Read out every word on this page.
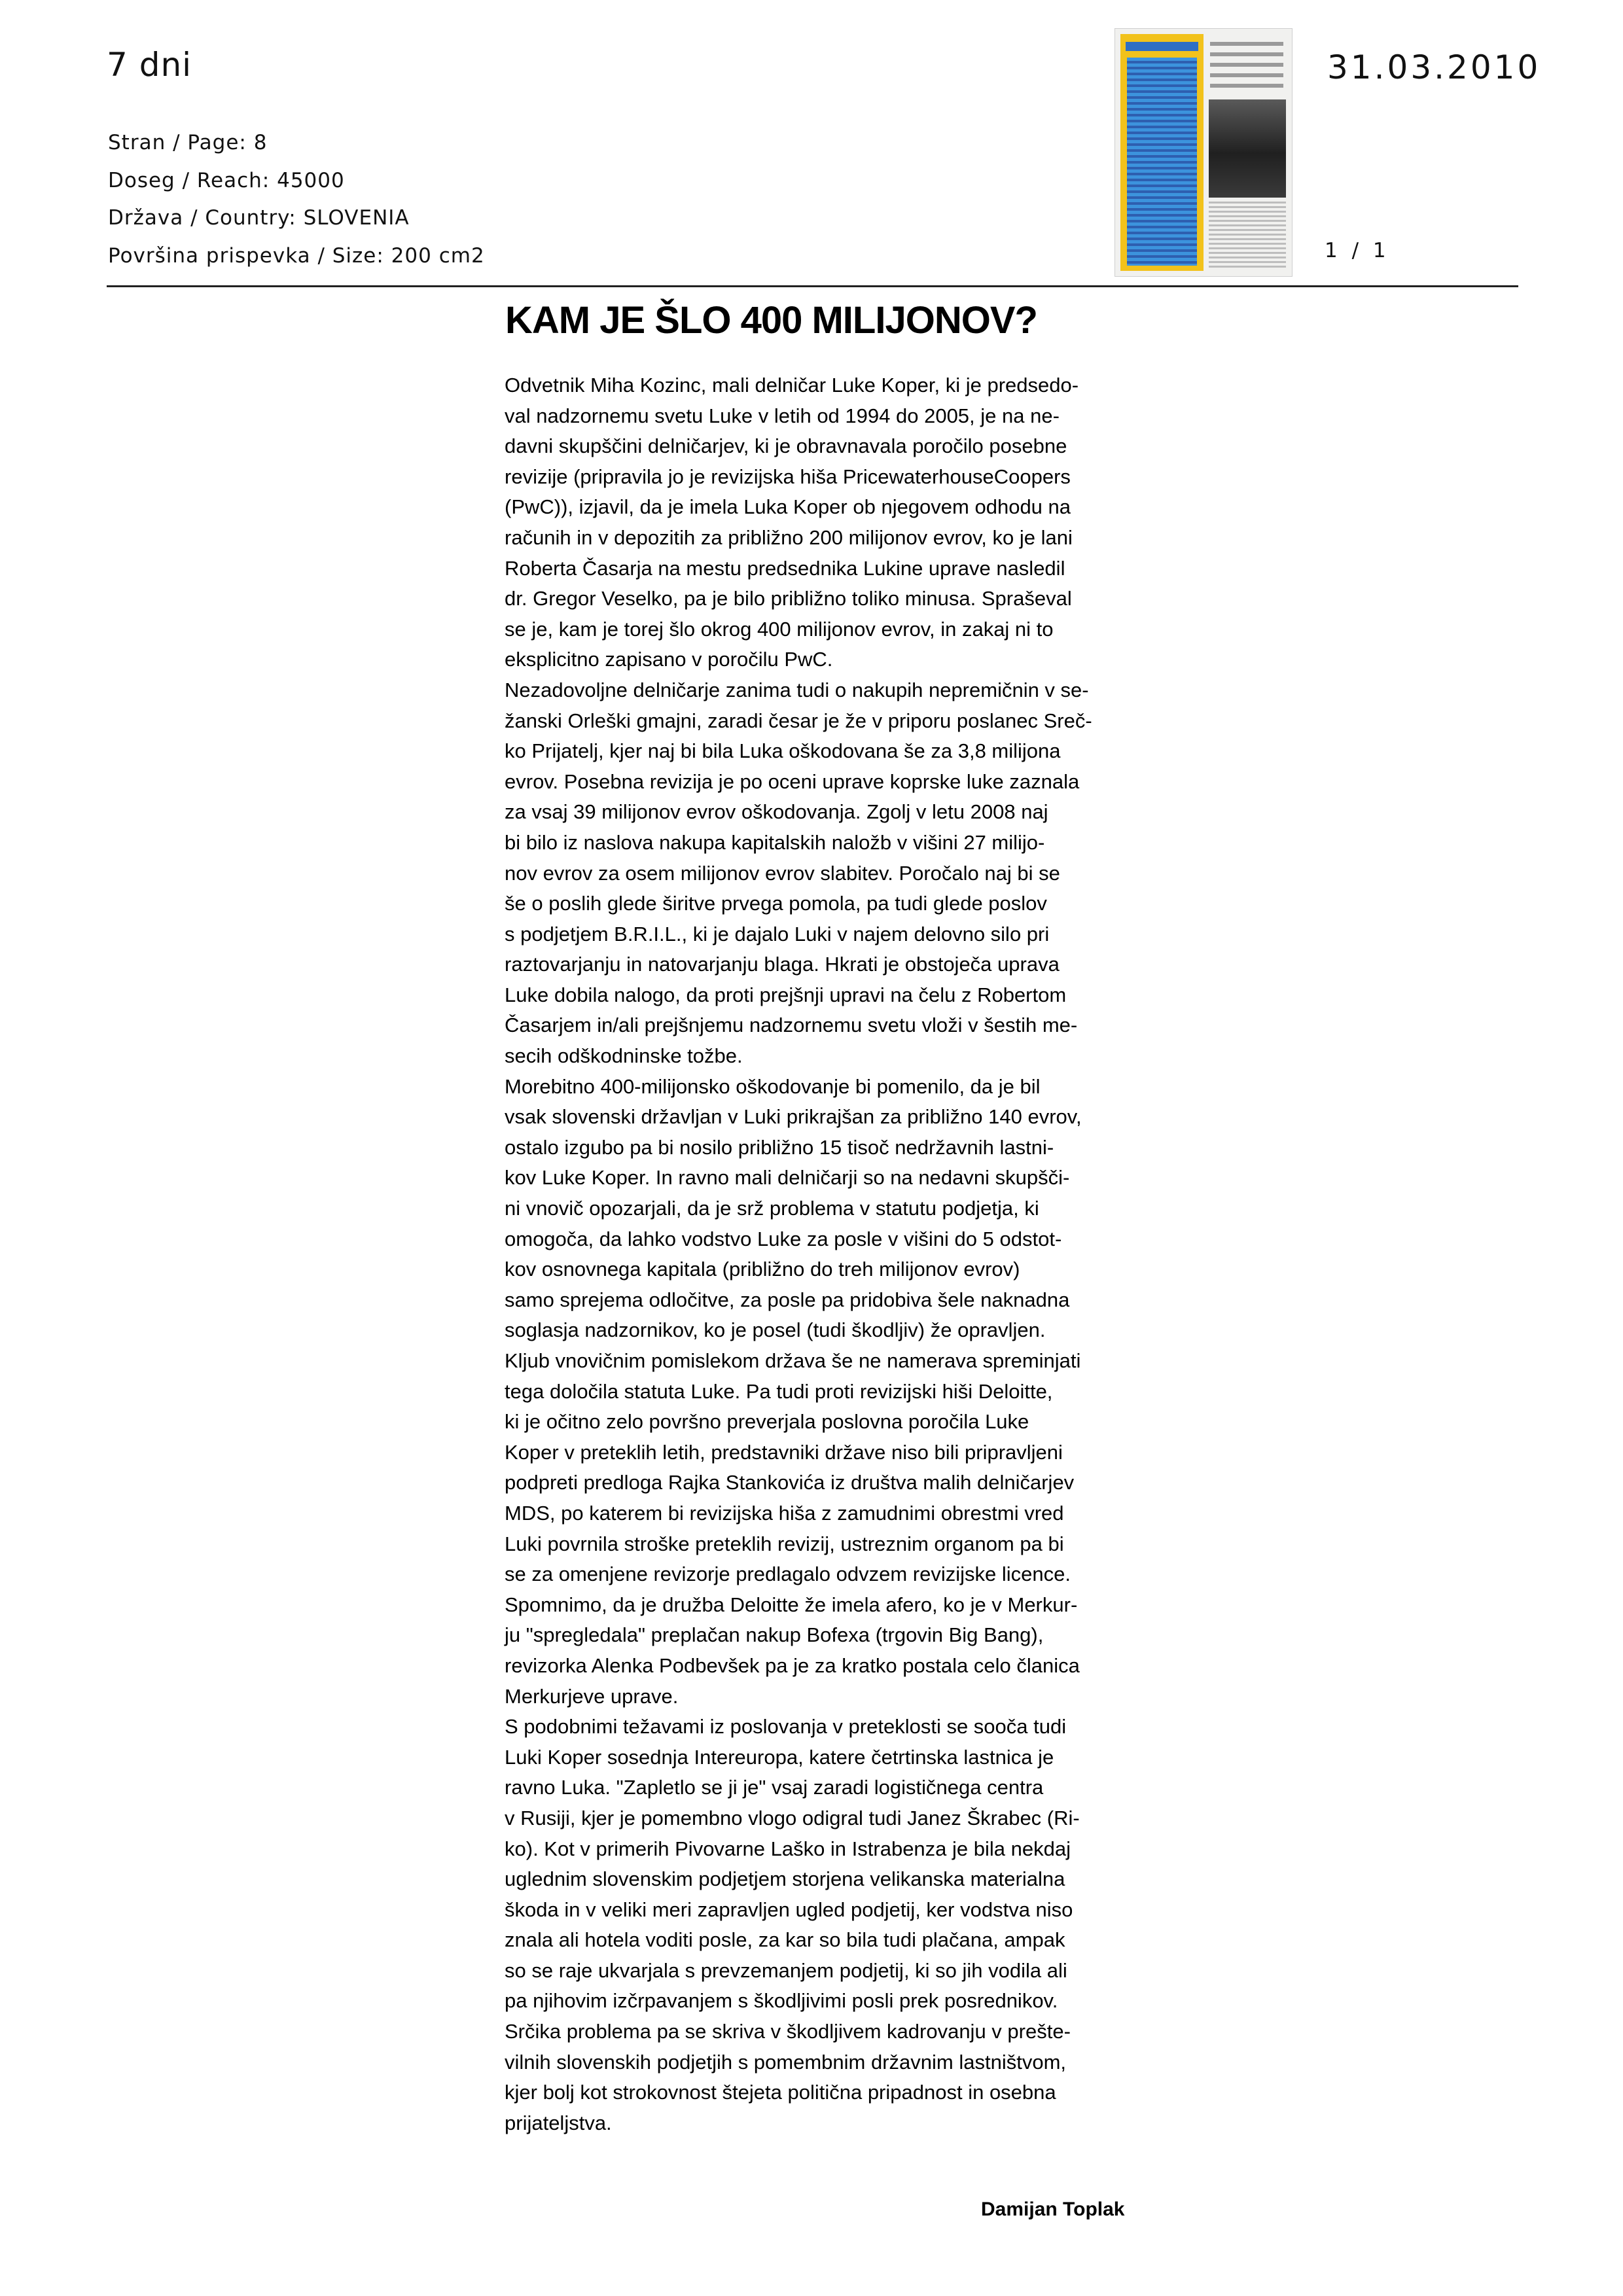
7 dni
Stran / Page: 8
Doseg / Reach: 45000
Država / Country: SLOVENIA
Površina prispevka / Size: 200 cm2
31.03.2010
1 / 1
KAM JE ŠLO 400 MILIJONOV?

Odvetnik Miha Kozinc, mali delničar Luke Koper, ki je predsedo-
val nadzornemu svetu Luke v letih od 1994 do 2005, je na ne-
davni skupščini delničarjev, ki je obravnavala poročilo posebne
revizije (pripravila jo je revizijska hiša PricewaterhouseCoopers
(PwC)), izjavil, da je imela Luka Koper ob njegovem odhodu na
računih in v depozitih za približno 200 milijonov evrov, ko je lani
Roberta Časarja na mestu predsednika Lukine uprave nasledil
dr. Gregor Veselko, pa je bilo približno toliko minusa. Spraševal
se je, kam je torej šlo okrog 400 milijonov evrov, in zakaj ni to
eksplicitno zapisano v poročilu PwC.

Nezadovoljne delničarje zanima tudi o nakupih nepremičnin v se-
žanski Orleški gmajni, zaradi česar je že v priporu poslanec Sreč-
ko Prijatelj, kjer naj bi bila Luka oškodovana še za 3,8 milijona
evrov. Posebna revizija je po oceni uprave koprske luke zaznala
za vsaj 39 milijonov evrov oškodovanja. Zgolj v letu 2008 naj
bi bilo iz naslova nakupa kapitalskih naložb v višini 27 milijo-
nov evrov za osem milijonov evrov slabitev. Poročalo naj bi se
še o poslih glede širitve prvega pomola, pa tudi glede poslov
s podjetjem B.R.I.L., ki je dajalo Luki v najem delovno silo pri
raztovarjanju in natovarjanju blaga. Hkrati je obstoječa uprava
Luke dobila nalogo, da proti prejšnji upravi na čelu z Robertom
Časarjem in/ali prejšnjemu nadzornemu svetu vloži v šestih me-
secih odškodninske tožbe.

Morebitno 400-milijonsko oškodovanje bi pomenilo, da je bil
vsak slovenski državljan v Luki prikrajšan za približno 140 evrov,
ostalo izgubo pa bi nosilo približno 15 tisoč nedržavnih lastni-
kov Luke Koper. In ravno mali delničarji so na nedavni skupšči-
ni vnovič opozarjali, da je srž problema v statutu podjetja, ki
omogoča, da lahko vodstvo Luke za posle v višini do 5 odstot-
kov osnovnega kapitala (približno do treh milijonov evrov)
samo sprejema odločitve, za posle pa pridobiva šele naknadna
soglasja nadzornikov, ko je posel (tudi škodljiv) že opravljen.
Kljub vnovičnim pomislekom država še ne namerava spreminjati
tega določila statuta Luke. Pa tudi proti revizijski hiši Deloitte,
ki je očitno zelo površno preverjala poslovna poročila Luke
Koper v preteklih letih, predstavniki države niso bili pripravljeni
podpreti predloga Rajka Stankovića iz društva malih delničarjev
MDS, po katerem bi revizijska hiša z zamudnimi obrestmi vred
Luki povrnila stroške preteklih revizij, ustreznim organom pa bi
se za omenjene revizorje predlagalo odvzem revizijske licence.
Spomnimo, da je družba Deloitte že imela afero, ko je v Merkur-
ju "spregledala" preplačan nakup Bofexa (trgovin Big Bang),
revizorka Alenka Podbevšek pa je za kratko postala celo članica
Merkurjeve uprave.

S podobnimi težavami iz poslovanja v preteklosti se sooča tudi
Luki Koper sosednja Intereuropa, katere četrtinska lastnica je
ravno Luka. "Zapletlo se ji je" vsaj zaradi logističnega centra
v Rusiji, kjer je pomembno vlogo odigral tudi Janez Škrabec (Ri-
ko). Kot v primerih Pivovarne Laško in Istrabenza je bila nekdaj
uglednim slovenskim podjetjem storjena velikanska materialna
škoda in v veliki meri zapravljen ugled podjetij, ker vodstva niso
znala ali hotela voditi posle, za kar so bila tudi plačana, ampak
so se raje ukvarjala s prevzemanjem podjetij, ki so jih vodila ali
pa njihovim izčrpavanjem s škodljivimi posli prek posrednikov.
Srčika problema pa se skriva v škodljivem kadrovanju v prešte-
vilnih slovenskih podjetjih s pomembnim državnim lastništvom,
kjer bolj kot strokovnost štejeta politična pripadnost in osebna
prijateljstva.

Damijan Toplak
